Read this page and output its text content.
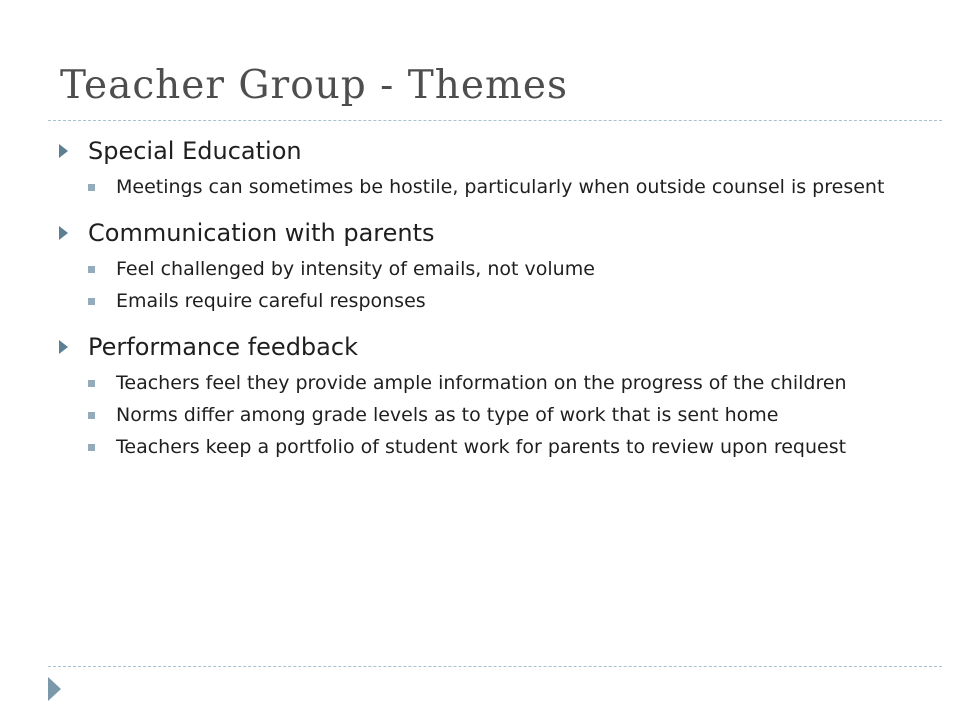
Teacher Group - Themes
Special Education
Meetings can sometimes be hostile, particularly when outside counsel is present
Communication with parents
Feel challenged by intensity of emails, not volume
Emails require careful responses
Performance feedback
Teachers feel they provide ample information on the progress of the children
Norms differ among grade levels as to type of work that is sent home
Teachers keep a portfolio of student work for parents to review upon request
